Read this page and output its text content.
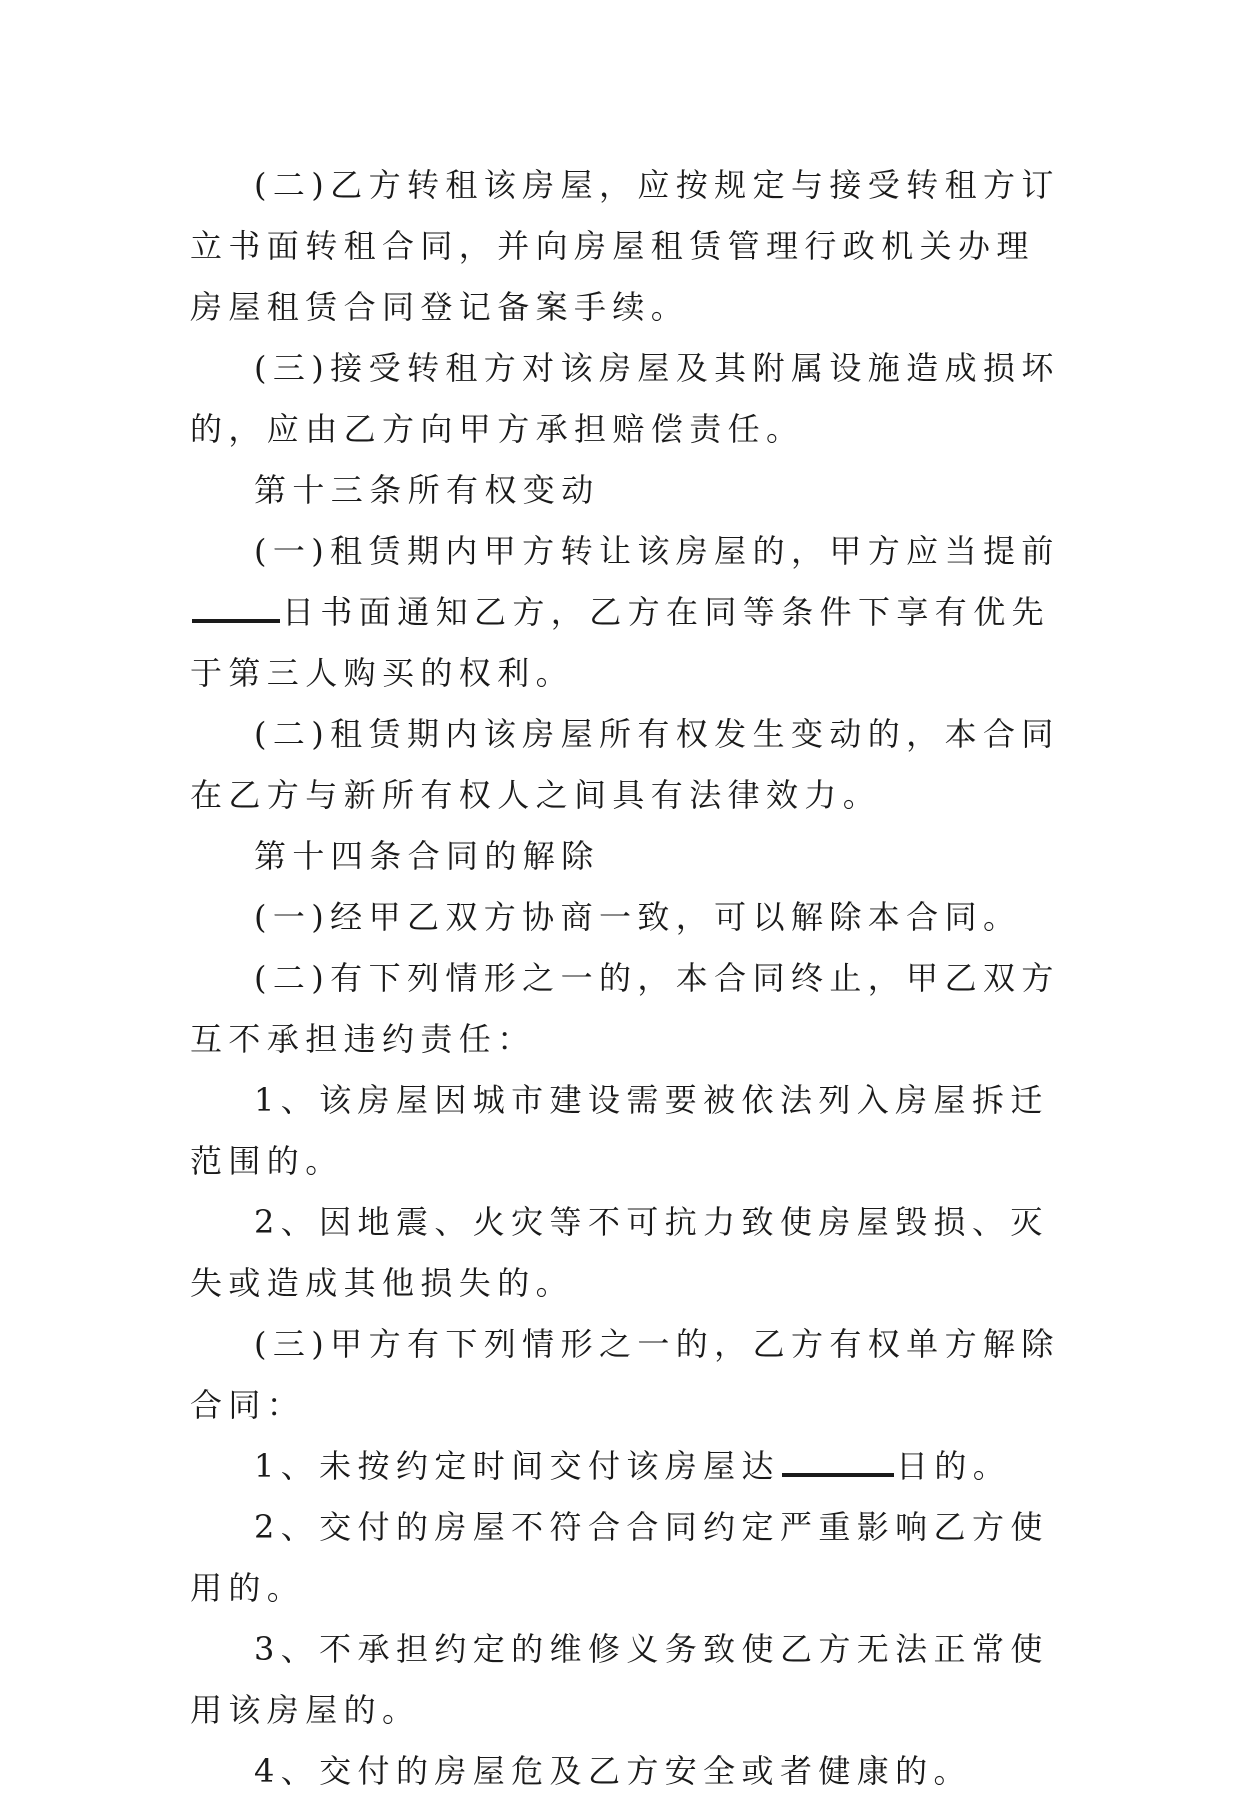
(二)乙方转租该房屋，应按规定与接受转租方订立书面转租合同，并向房屋租赁管理行政机关办理房屋租赁合同登记备案手续。

(三)接受转租方对该房屋及其附属设施造成损坏的，应由乙方向甲方承担赔偿责任。

第十三条所有权变动

(一)租赁期内甲方转让该房屋的，甲方应当提前日书面通知乙方，乙方在同等条件下享有优先于第三人购买的权利。

(二)租赁期内该房屋所有权发生变动的，本合同在乙方与新所有权人之间具有法律效力。

第十四条合同的解除

(一)经甲乙双方协商一致，可以解除本合同。

(二)有下列情形之一的，本合同终止，甲乙双方互不承担违约责任：

1、该房屋因城市建设需要被依法列入房屋拆迁范围的。

2、因地震、火灾等不可抗力致使房屋毁损、灭失或造成其他损失的。

(三)甲方有下列情形之一的，乙方有权单方解除合同：

1、未按约定时间交付该房屋达	日的。

2、交付的房屋不符合合同约定严重影响乙方使用的。

3、不承担约定的维修义务致使乙方无法正常使用该房屋的。

4、交付的房屋危及乙方安全或者健康的。
